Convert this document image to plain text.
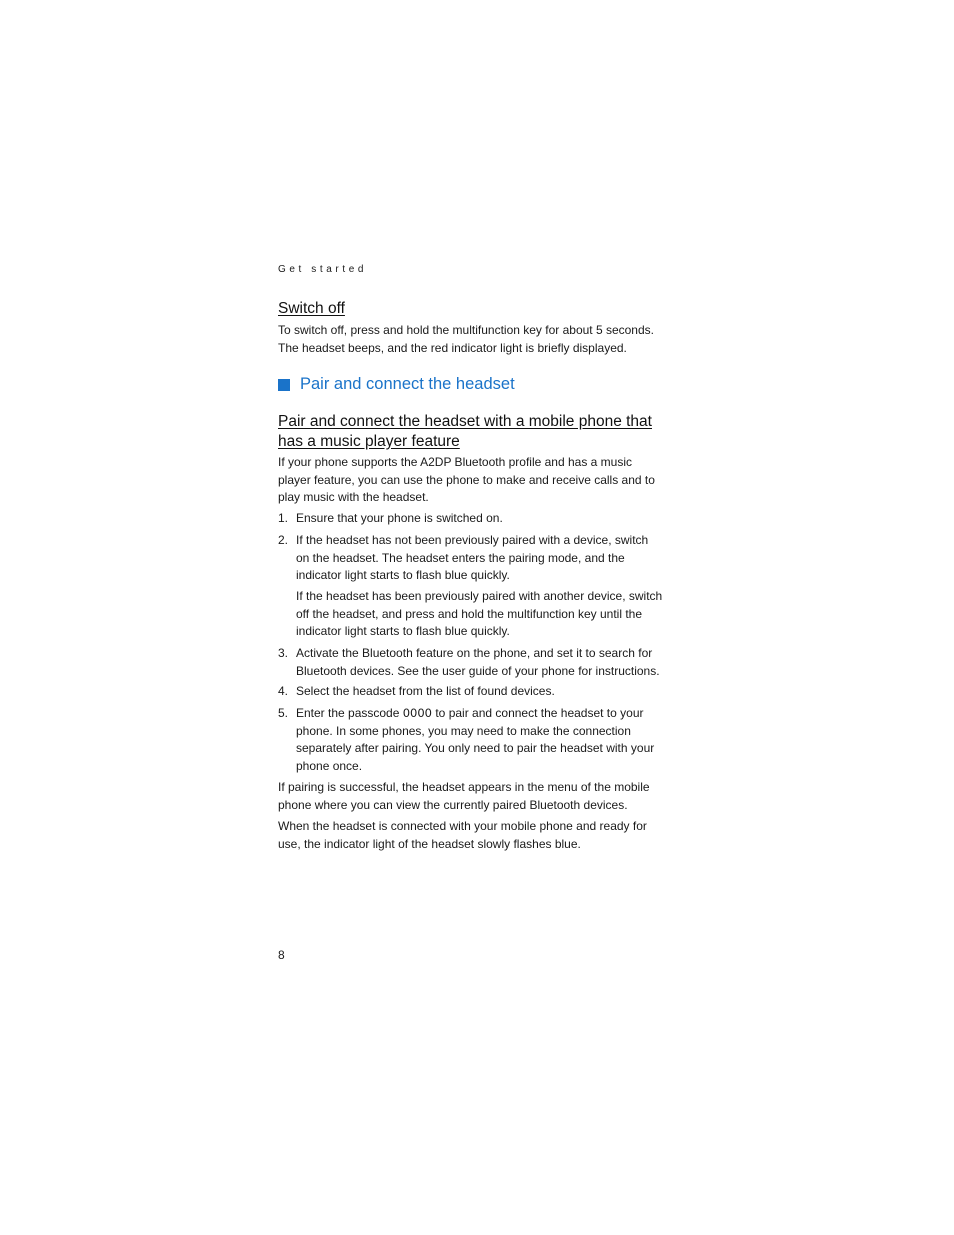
Get started
Switch off
To switch off, press and hold the multifunction key for about 5 seconds.
The headset beeps, and the red indicator light is briefly displayed.
Pair and connect the headset
Pair and connect the headset with a mobile phone that
has a music player feature
If your phone supports the A2DP Bluetooth profile and has a music
player feature, you can use the phone to make and receive calls and to
play music with the headset.
1. Ensure that your phone is switched on.
2. If the headset has not been previously paired with a device, switch
on the headset. The headset enters the pairing mode, and the
indicator light starts to flash blue quickly.
If the headset has been previously paired with another device, switch
off the headset, and press and hold the multifunction key until the
indicator light starts to flash blue quickly.
3. Activate the Bluetooth feature on the phone, and set it to search for
Bluetooth devices. See the user guide of your phone for instructions.
4. Select the headset from the list of found devices.
5. Enter the passcode 0000 to pair and connect the headset to your
phone. In some phones, you may need to make the connection
separately after pairing. You only need to pair the headset with your
phone once.
If pairing is successful, the headset appears in the menu of the mobile
phone where you can view the currently paired Bluetooth devices.
When the headset is connected with your mobile phone and ready for
use, the indicator light of the headset slowly flashes blue.
8
